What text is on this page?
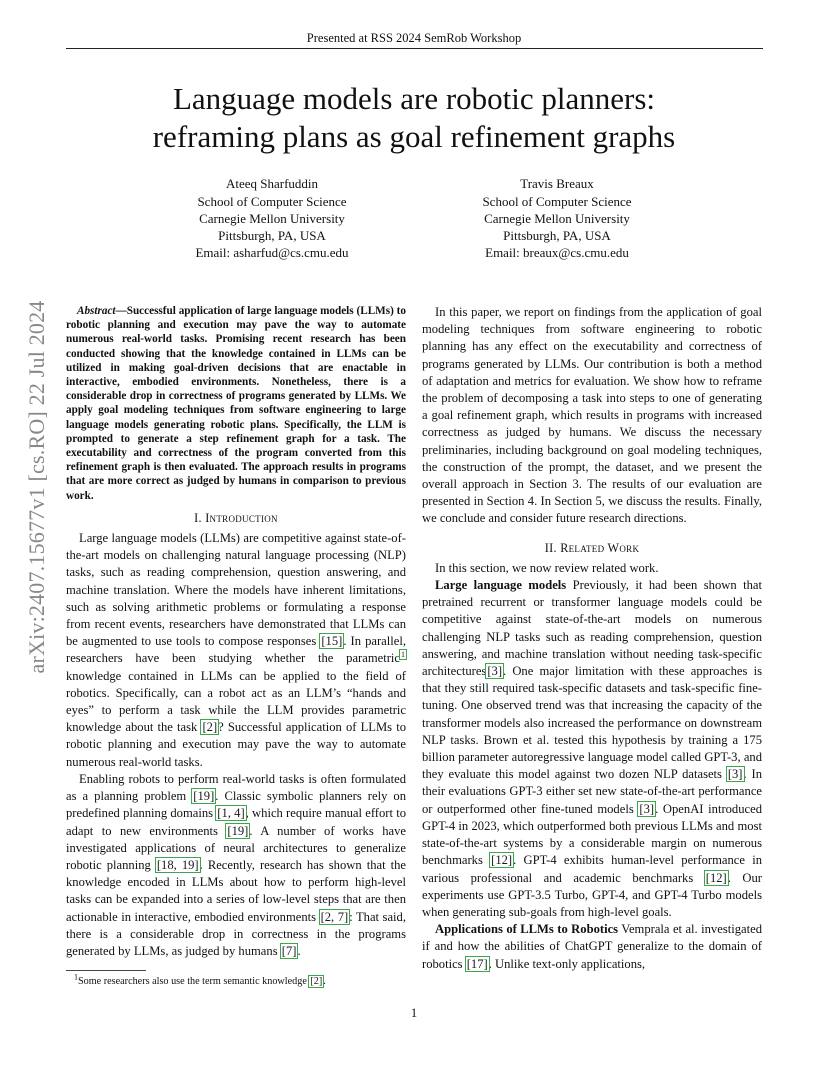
Presented at RSS 2024 SemRob Workshop
Language models are robotic planners:
reframing plans as goal refinement graphs
Ateeq Sharfuddin
School of Computer Science
Carnegie Mellon University
Pittsburgh, PA, USA
Email: asharfud@cs.cmu.edu
Travis Breaux
School of Computer Science
Carnegie Mellon University
Pittsburgh, PA, USA
Email: breaux@cs.cmu.edu
arXiv:2407.15677v1 [cs.RO] 22 Jul 2024	Abstract—Successful application of large language models (LLMs) to robotic planning and execution may pave the way to automate numerous real-world tasks. Promising recent research has been conducted showing that the knowledge contained in LLMs can be utilized in making goal-driven decisions that are enactable in interactive, embodied environments. Nonetheless, there is a considerable drop in correctness of programs generated by LLMs. We apply goal modeling techniques from software engineering to large language models generating robotic plans. Specifically, the LLM is prompted to generate a step refinement graph for a task. The executability and correctness of the program converted from this refinement graph is then evaluated. The approach results in programs that are more correct as judged by humans in comparison to previous work.

I. Introduction

Large language models (LLMs) are competitive against state-of-the-art models on challenging natural language processing (NLP) tasks, such as reading comprehension, question answering, and machine translation. Where the models have inherent limitations, such as solving arithmetic problems or formulating a response from recent events, researchers have demonstrated that LLMs can be augmented to use tools to compose responses [15]. In parallel, researchers have been studying whether the parametric$^1$ knowledge contained in LLMs can be applied to the field of robotics. Specifically, can a robot act as an LLM’s “hands and eyes” to perform a task while the LLM provides parametric knowledge about the task [2]? Successful application of LLMs to robotic planning and execution may pave the way to automate numerous real-world tasks.

Enabling robots to perform real-world tasks is often formulated as a planning problem [19]. Classic symbolic planners rely on predefined planning domains [1, 4], which require manual effort to adapt to new environments [19]. A number of works have investigated applications of neural architectures to generalize robotic planning [18, 19]. Recently, research has shown that the knowledge encoded in LLMs about how to perform high-level tasks can be expanded into a series of low-level steps that are then actionable in interactive, embodied environments [2, 7]: That said, there is a considerable drop in correctness in the programs generated by LLMs, as judged by humans [7].

$^1$Some researchers also use the term semantic knowledge [2].

In this paper, we report on findings from the application of goal modeling techniques from software engineering to robotic planning has any effect on the executability and correctness of programs generated by LLMs. Our contribution is both a method of adaptation and metrics for evaluation. We show how to reframe the problem of decomposing a task into steps to one of generating a goal refinement graph, which results in programs with increased correctness as judged by humans. We discuss the necessary preliminaries, including background on goal modeling techniques, the construction of the prompt, the dataset, and we present the overall approach in Section 3. The results of our evaluation are presented in Section 4. In Section 5, we discuss the results. Finally, we conclude and consider future research directions.

II. Related Work

In this section, we now review related work.

Large language models Previously, it had been shown that pretrained recurrent or transformer language models could be competitive against state-of-the-art models on numerous challenging NLP tasks such as reading comprehension, question answering, and machine translation without needing task-specific architectures[3]. One major limitation with these approaches is that they still required task-specific datasets and task-specific fine-tuning. One observed trend was that increasing the capacity of the transformer models also increased the performance on downstream NLP tasks. Brown et al. tested this hypothesis by training a 175 billion parameter autoregressive language model called GPT-3, and they evaluate this model against two dozen NLP datasets [3]. In their evaluations GPT-3 either set new state-of-the-art performance or outperformed other fine-tuned models [3]. OpenAI introduced GPT-4 in 2023, which outperformed both previous LLMs and most state-of-the-art systems by a considerable margin on numerous benchmarks [12]. GPT-4 exhibits human-level performance in various professional and academic benchmarks [12]. Our experiments use GPT-3.5 Turbo, GPT-4, and GPT-4 Turbo models when generating sub-goals from high-level goals.

Applications of LLMs to Robotics Vemprala et al. investigated if and how the abilities of ChatGPT generalize to the domain of robotics [17]. Unlike text-only applications,

1
